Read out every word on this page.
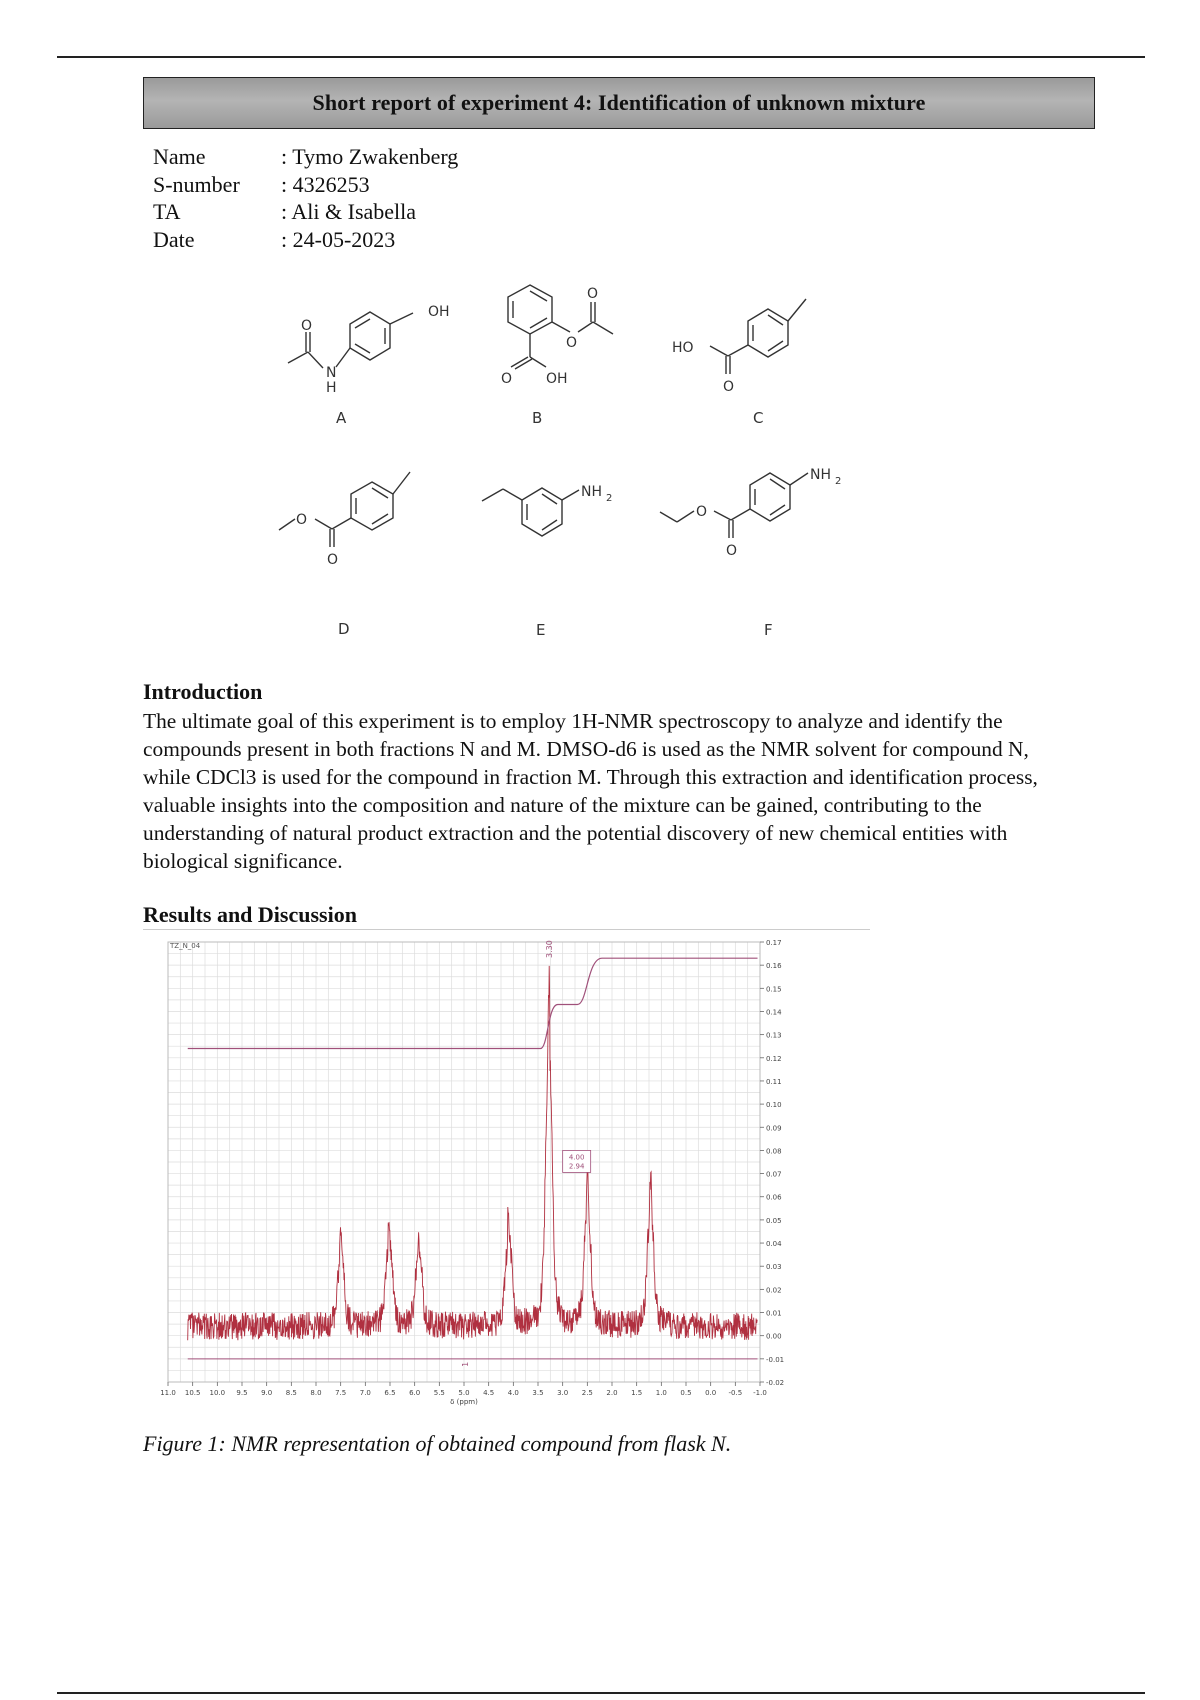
Short report of experiment 4: Identification of unknown mixture
Name	: Tymo Zwakenberg
S-number	: 4326253
TA	: Ali & Isabella
Date	: 24-05-2023
OH
N
H
O
A
O
O
O OH
B
HO
O
C
O
O
D
NH 2
E
NH 2
O
O
F
Introduction
The ultimate goal of this experiment is to employ 1H-NMR spectroscopy to analyze and identify the compounds present in both fractions N and M. DMSO-d6 is used as the NMR solvent for compound N, while CDCl3 is used for the compound in fraction M. Through this extraction and identification process, valuable insights into the composition and nature of the mixture can be gained, contributing to the understanding of natural product extraction and the potential discovery of new chemical entities with biological significance.
Results and Discussion
1
3.30
4.00
2.94
TZ_N_04
11.0 10.5 10.0 9.5 9.0 8.5 8.0 7.5 7.0 6.5 6.0 5.5 5.0 4.5 4.0 3.5 3.0 2.5 2.0 1.5 1.0 0.5 0.0 -0.5 -1.0
δ (ppm)
0.17
0.16
0.15
0.14
0.13
0.12
0.11
0.10
0.09
0.08
0.07
0.06
0.05
0.04
0.03
0.02
0.01
0.00
-0.01
-0.02
Figure 1: NMR representation of obtained compound from flask N.
